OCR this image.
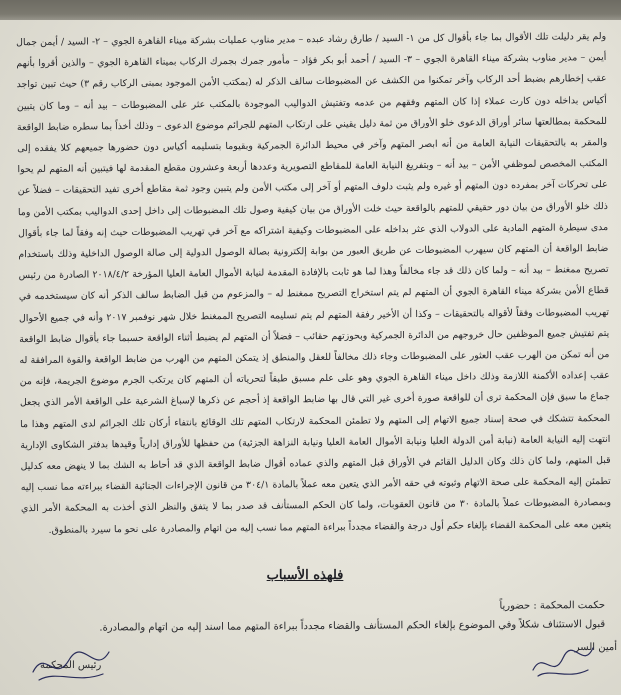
ولم يقر دليلت تلك الأقوال بما جاء بأقوال كل من ١- السيد / طارق رشاد عبده – مدير مناوب عمليات بشركة ميناء القاهرة الجوي – ٢- السيد / أيمن جمال أيمن – مدير مناوب بشركة ميناء القاهرة الجوي – ٣- السيد / أحمد أبو بكر فؤاد – مأمور جمرك بجمرك الركاب بميناء القاهرة الجوي – والذين أقروا بأنهم عقب إخطارهم بضبط أحد الركاب وآخر تمكنوا من الكشف عن المضبوطات سالف الذكر له (بمكتب الأمن الموجود بمبنى الركاب رقم ٣) حيث تبين تواجد أكياس بداخله دون كارت عملاء إذا كان المتهم وفقهم من عدمه وتفتيش الدواليب الموجودة بالمكتب عثر على المضبوطات – بيد أنه – وما كان يتبين للمحكمة بمطالعتها سائر أوراق الدعوى خلو الأوراق من ثمة دليل يقيني على ارتكاب المتهم للجرائم موضوع الدعوى – وذلك أخذاً بما سطره ضابط الواقعة والمقر به بالتحقيقات النيابة العامة من أنه ابصر المتهم وآخر في محيط الدائرة الجمركية وبقيوما بتسليمه أكياس دون حضورها جميعهم كلا يفقده إلى المكتب المخصص لموظفي الأمن – بيد أنه – وبتفريغ النيابة العامة للمقاطع التصويرية وعددها أربعة وعشرون مقطع المقدمة لها فيتبين أنه المتهم لم يحوا على تحركات آخر بمفرده دون المتهم أو غيره ولم يثبت دلوف المتهم أو آخر إلى مكتب الأمن ولم يتبين وجود ثمة مقاطع أخرى تفيد التحقيقات – فضلاً عن ذلك خلو الأوراق من بيان دور حقيقي للمتهم بالواقعة حيث خلت الأوراق من بيان كيفية وصول تلك المضبوطات إلى داخل إحدى الدواليب بمكتب الأمن وما مدى سيطرة المتهم المادية على الدولاب الذي عثر بداخله على المضبوطات وكيفية اشتراكه مع آخر في تهريب المضبوطات حيث إنه وفقاً لما جاء بأقوال ضابط الواقعة أن المتهم كان سيهرب المضبوطات عن طريق العبور من بوابة إلكترونية بصالة الوصول الدولية إلى صالة الوصول الداخلية وذلك باستخدام تصريح ممغنط – بيد أنه – ولما كان ذلك قد جاء مخالفاً وهذا لما هو ثابت بالإفادة المقدمة لنيابة الأموال العامة العليا المؤرخة ٢٠١٨/٤/٢ الصادرة من رئيس قطاع الأمن بشركة ميناء القاهرة الجوي أن المتهم لم يتم استخراج التصريح ممغنط له – والمزعوم من قبل الضابط سالف الذكر أنه كان سيستخدمه في تهريب المضبوطات وفقاً لأقواله بالتحقيقات – وكذا أن الأخير رفقة المتهم لم يتم تسليمه التصريح الممغنط خلال شهر نوفمبر ٢٠١٧ وأنه في جميع الأحوال يتم تفتيش جميع الموظفين حال خروجهم من الدائرة الجمركية وبحوزتهم حقائب – فضلاً أن المتهم لم يضبط أثناء الواقعة حسبما جاء بأقوال ضابط الواقعة من أنه تمكن من الهرب عقب العثور على المضبوطات وجاء ذلك مخالفاً للعقل والمنطق إذ يتمكن المتهم من الهرب من ضابط الواقعة والقوة المرافقة له عقب إعداده الأكمنة اللازمة وذلك داخل ميناء القاهرة الجوي وهو على علم مسبق طبقاً لتحرياته أن المتهم كان يرتكب الجرم موضوع الجريمة، فإنه من جماع ما سبق فإن المحكمة ترى أن للواقعة صورة أخرى غير التي قال بها ضابط الواقعة إذ أحجم عن ذكرها لإسباغ الشرعية على الواقعة الأمر الذي يجعل المحكمة تتشكك في صحة إسناد جميع الاتهام إلى المتهم ولا تطمئن المحكمة لارتكاب المتهم تلك الوقائع بانتفاء أركان تلك الجرائم لدى المتهم وهذا ما انتهت إليه النيابة العامة (نيابة أمن الدولة العليا ونيابة الأموال العامة العليا ونيابة النزاهة الجزئية) من حفظها للأوراق إدارياً وقيدها بدفتر الشكاوى الإدارية قبل المتهم، ولما كان ذلك وكان الدليل القائم في الأوراق قبل المتهم والذي عماده أقوال ضابط الواقعة الذي قد أحاط به الشك بما لا ينهض معه كدليل تطمئن إليه المحكمة على صحة الاتهام وثبوته في حقه الأمر الذي يتعين معه عملاً بالمادة ٣٠٤/١ من قانون الإجراءات الجنائية القضاء ببراءته مما نسب إليه وبمصادرة المضبوطات عملاً بالمادة ٣٠ من قانون العقوبات، ولما كان الحكم المستأنف قد صدر بما لا يتفق والنظر الذي أخذت به المحكمة الأمر الذي يتعين معه على المحكمة القضاء بإلغاء حكم أول درجة والقضاء مجدداً ببراءة المتهم مما نسب إليه من اتهام والمصادرة على نحو ما سيرد بالمنطوق.
فلهذه الأسباب
حكمت المحكمة : حضورياً
قبول الاستئناف شكلاً وفي الموضوع بإلغاء الحكم المستأنف والقضاء مجدداً ببراءة المتهم مما اسند إليه من اتهام والمصادرة.
أمين السر
رئيس المحكمة
